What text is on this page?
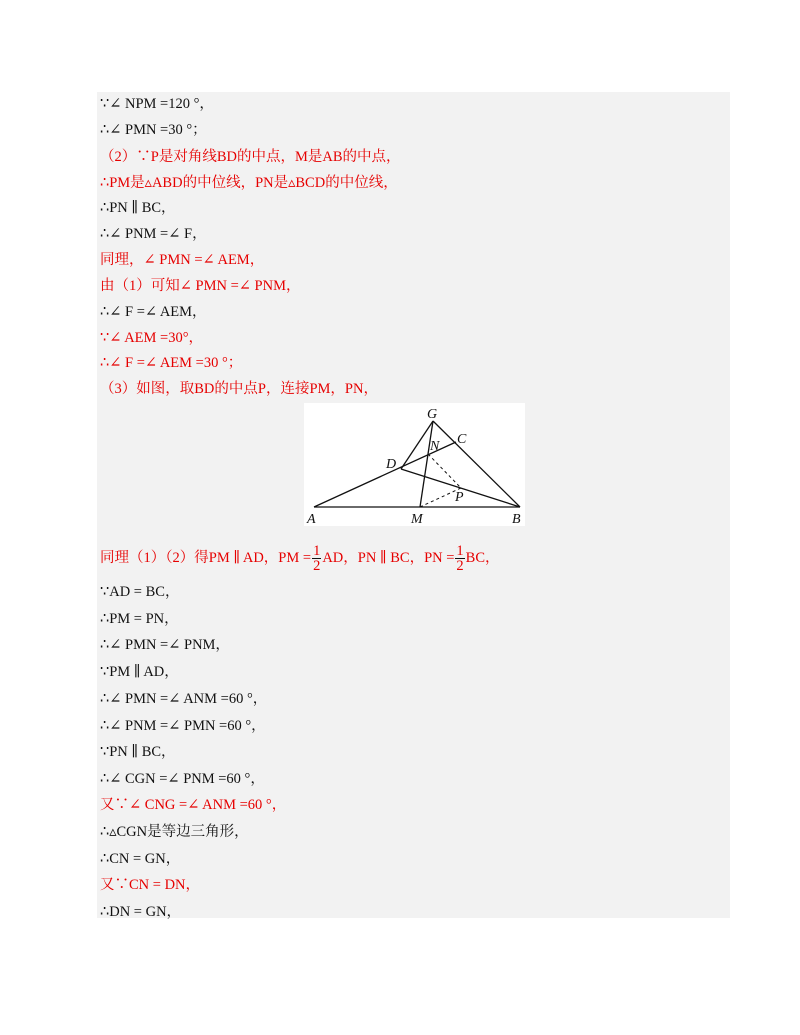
∵∠ NPM =120 °，
∴∠ PMN =30 °；
（2）∵P是对角线BD的中点，M是AB的中点，
∴PM是▵ABD的中位线，PN是▵BCD的中位线，
∴PN ∥ BC，
∴∠ PNM =∠ F，
同理，∠ PMN =∠ AEM，
由（1）可知∠ PMN =∠ PNM，
∴∠ F =∠ AEM，
∵∠ AEM =30°，
∴∠ F =∠ AEM =30 °；
（3）如图，取BD的中点P，连接PM，PN，
G
N C
D
P
A	M	B
同理（1）（2）得PM ∥ AD，PM = $\frac{1}{2}$ AD，PN ∥ BC，PN = $\frac{1}{2}$ BC，
∵AD = BC，
∴PM = PN，
∴∠ PMN =∠ PNM，
∵PM ∥ AD，
∴∠ PMN =∠ ANM =60 °，
∴∠ PNM =∠ PMN =60 °，
∵PN ∥ BC，
∴∠ CGN =∠ PNM =60 °，
又∵∠ CNG =∠ ANM =60 °，
∴▵CGN是等边三角形，
∴CN = GN，
又∵CN = DN，
∴DN = GN，
